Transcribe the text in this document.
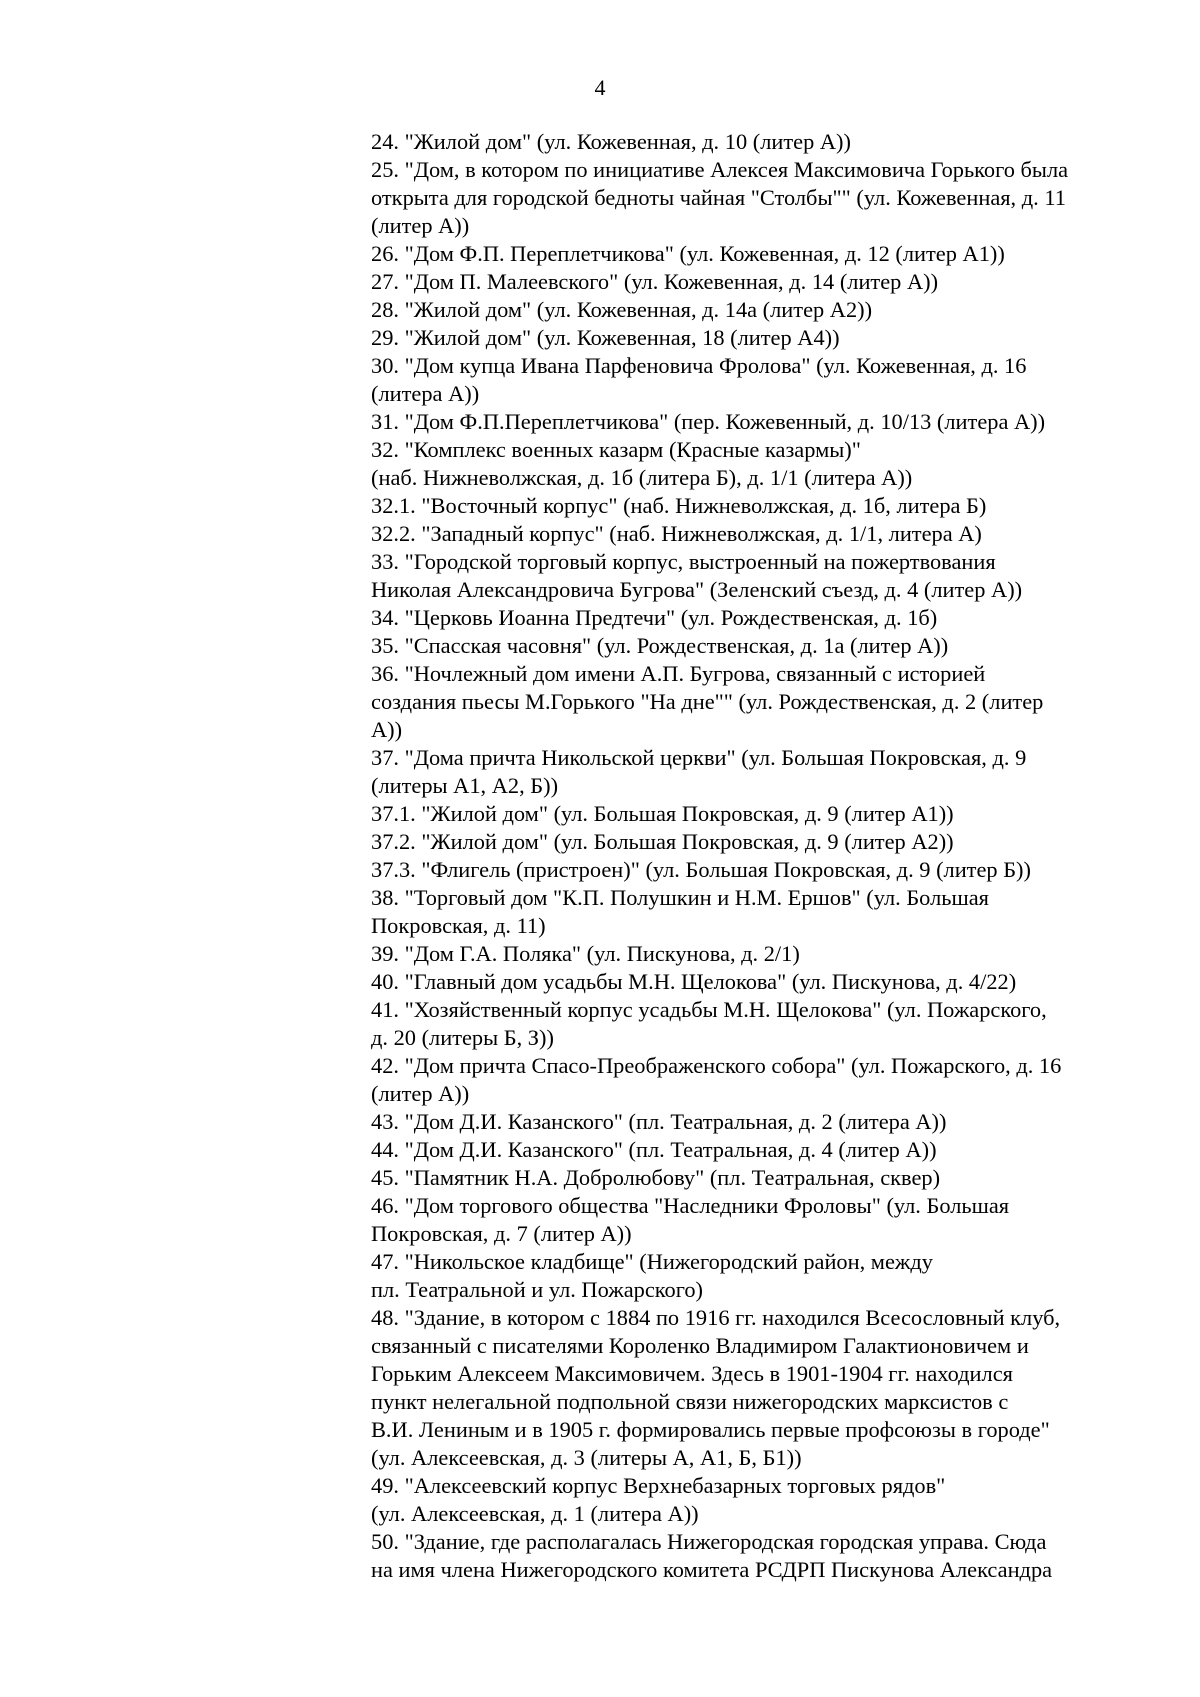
4
24. "Жилой дом" (ул. Кожевенная, д. 10 (литер А))
25. "Дом, в котором по инициативе Алексея Максимовича Горького была
открыта для городской бедноты чайная "Столбы"" (ул. Кожевенная, д. 11
(литер А))
26. "Дом Ф.П. Переплетчикова" (ул. Кожевенная, д. 12 (литер А1))
27. "Дом П. Малеевского" (ул. Кожевенная, д. 14 (литер А))
28. "Жилой дом" (ул. Кожевенная, д. 14а (литер А2))
29. "Жилой дом" (ул. Кожевенная, 18 (литер А4))
30. "Дом купца Ивана Парфеновича Фролова" (ул. Кожевенная, д. 16
(литера А))
31. "Дом Ф.П.Переплетчикова" (пер. Кожевенный, д. 10/13 (литера А))
32. "Комплекс военных казарм (Красные казармы)"
(наб. Нижневолжская, д. 1б (литера Б), д. 1/1 (литера А))
32.1. "Восточный корпус" (наб. Нижневолжская, д. 1б, литера Б)
32.2. "Западный корпус" (наб. Нижневолжская, д. 1/1, литера А)
33. "Городской торговый корпус, выстроенный на пожертвования
Николая Александровича Бугрова" (Зеленский съезд, д. 4 (литер А))
34. "Церковь Иоанна Предтечи" (ул. Рождественская, д. 1б)
35. "Спасская часовня" (ул. Рождественская, д. 1а (литер А))
36. "Ночлежный дом имени А.П. Бугрова, связанный с историей
создания пьесы М.Горького "На дне"" (ул. Рождественская, д. 2 (литер
А))
37. "Дома причта Никольской церкви" (ул. Большая Покровская, д. 9
(литеры А1, А2, Б))
37.1. "Жилой дом" (ул. Большая Покровская, д. 9 (литер А1))
37.2. "Жилой дом" (ул. Большая Покровская, д. 9 (литер А2))
37.3. "Флигель (пристроен)" (ул. Большая Покровская, д. 9 (литер Б))
38. "Торговый дом "К.П. Полушкин и Н.М. Ершов" (ул. Большая
Покровская, д. 11)
39. "Дом Г.А. Поляка" (ул. Пискунова, д. 2/1)
40. "Главный дом усадьбы М.Н. Щелокова" (ул. Пискунова, д. 4/22)
41. "Хозяйственный корпус усадьбы М.Н. Щелокова" (ул. Пожарского,
д. 20 (литеры Б, З))
42. "Дом причта Спасо-Преображенского собора" (ул. Пожарского, д. 16
(литер А))
43. "Дом Д.И. Казанского" (пл. Театральная, д. 2 (литера А))
44. "Дом Д.И. Казанского" (пл. Театральная, д. 4 (литер А))
45. "Памятник Н.А. Добролюбову" (пл. Театральная, сквер)
46. "Дом торгового общества "Наследники Фроловы" (ул. Большая
Покровская, д. 7 (литер А))
47. "Никольское кладбище" (Нижегородский район, между
пл. Театральной и ул. Пожарского)
48. "Здание, в котором с 1884 по 1916 гг. находился Всесословный клуб,
связанный с писателями Короленко Владимиром Галактионовичем и
Горьким Алексеем Максимовичем. Здесь в 1901-1904 гг. находился
пункт нелегальной подпольной связи нижегородских марксистов с
В.И. Лениным и в 1905 г. формировались первые профсоюзы в городе"
(ул. Алексеевская, д. 3 (литеры А, А1, Б, Б1))
49. "Алексеевский корпус Верхнебазарных торговых рядов"
(ул. Алексеевская, д. 1 (литера А))
50. "Здание, где располагалась Нижегородская городская управа. Сюда
на имя члена Нижегородского комитета РСДРП Пискунова Александра
